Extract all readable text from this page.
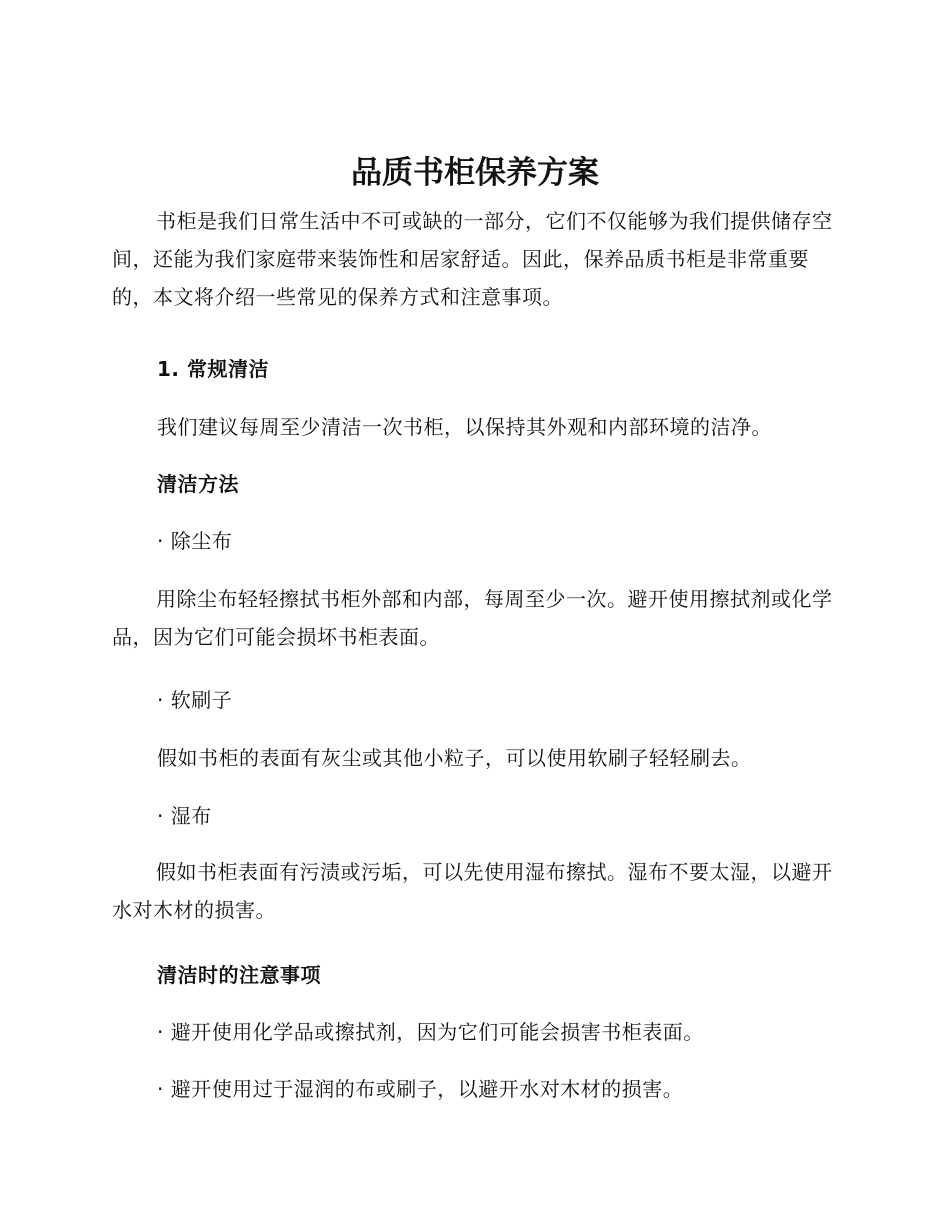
品质书柜保养方案

书柜是我们日常生活中不可或缺的一部分，它们不仅能够为我们提供储存空间，还能为我们家庭带来装饰性和居家舒适。因此，保养品质书柜是非常重要的，本文将介绍一些常见的保养方式和注意事项。

1. 常规清洁

我们建议每周至少清洁一次书柜，以保持其外观和内部环境的洁净。

清洁方法

· 除尘布

用除尘布轻轻擦拭书柜外部和内部，每周至少一次。避开使用擦拭剂或化学品，因为它们可能会损坏书柜表面。

· 软刷子

假如书柜的表面有灰尘或其他小粒子，可以使用软刷子轻轻刷去。

· 湿布

假如书柜表面有污渍或污垢，可以先使用湿布擦拭。湿布不要太湿，以避开水对木材的损害。

清洁时的注意事项

· 避开使用化学品或擦拭剂，因为它们可能会损害书柜表面。

· 避开使用过于湿润的布或刷子，以避开水对木材的损害。
